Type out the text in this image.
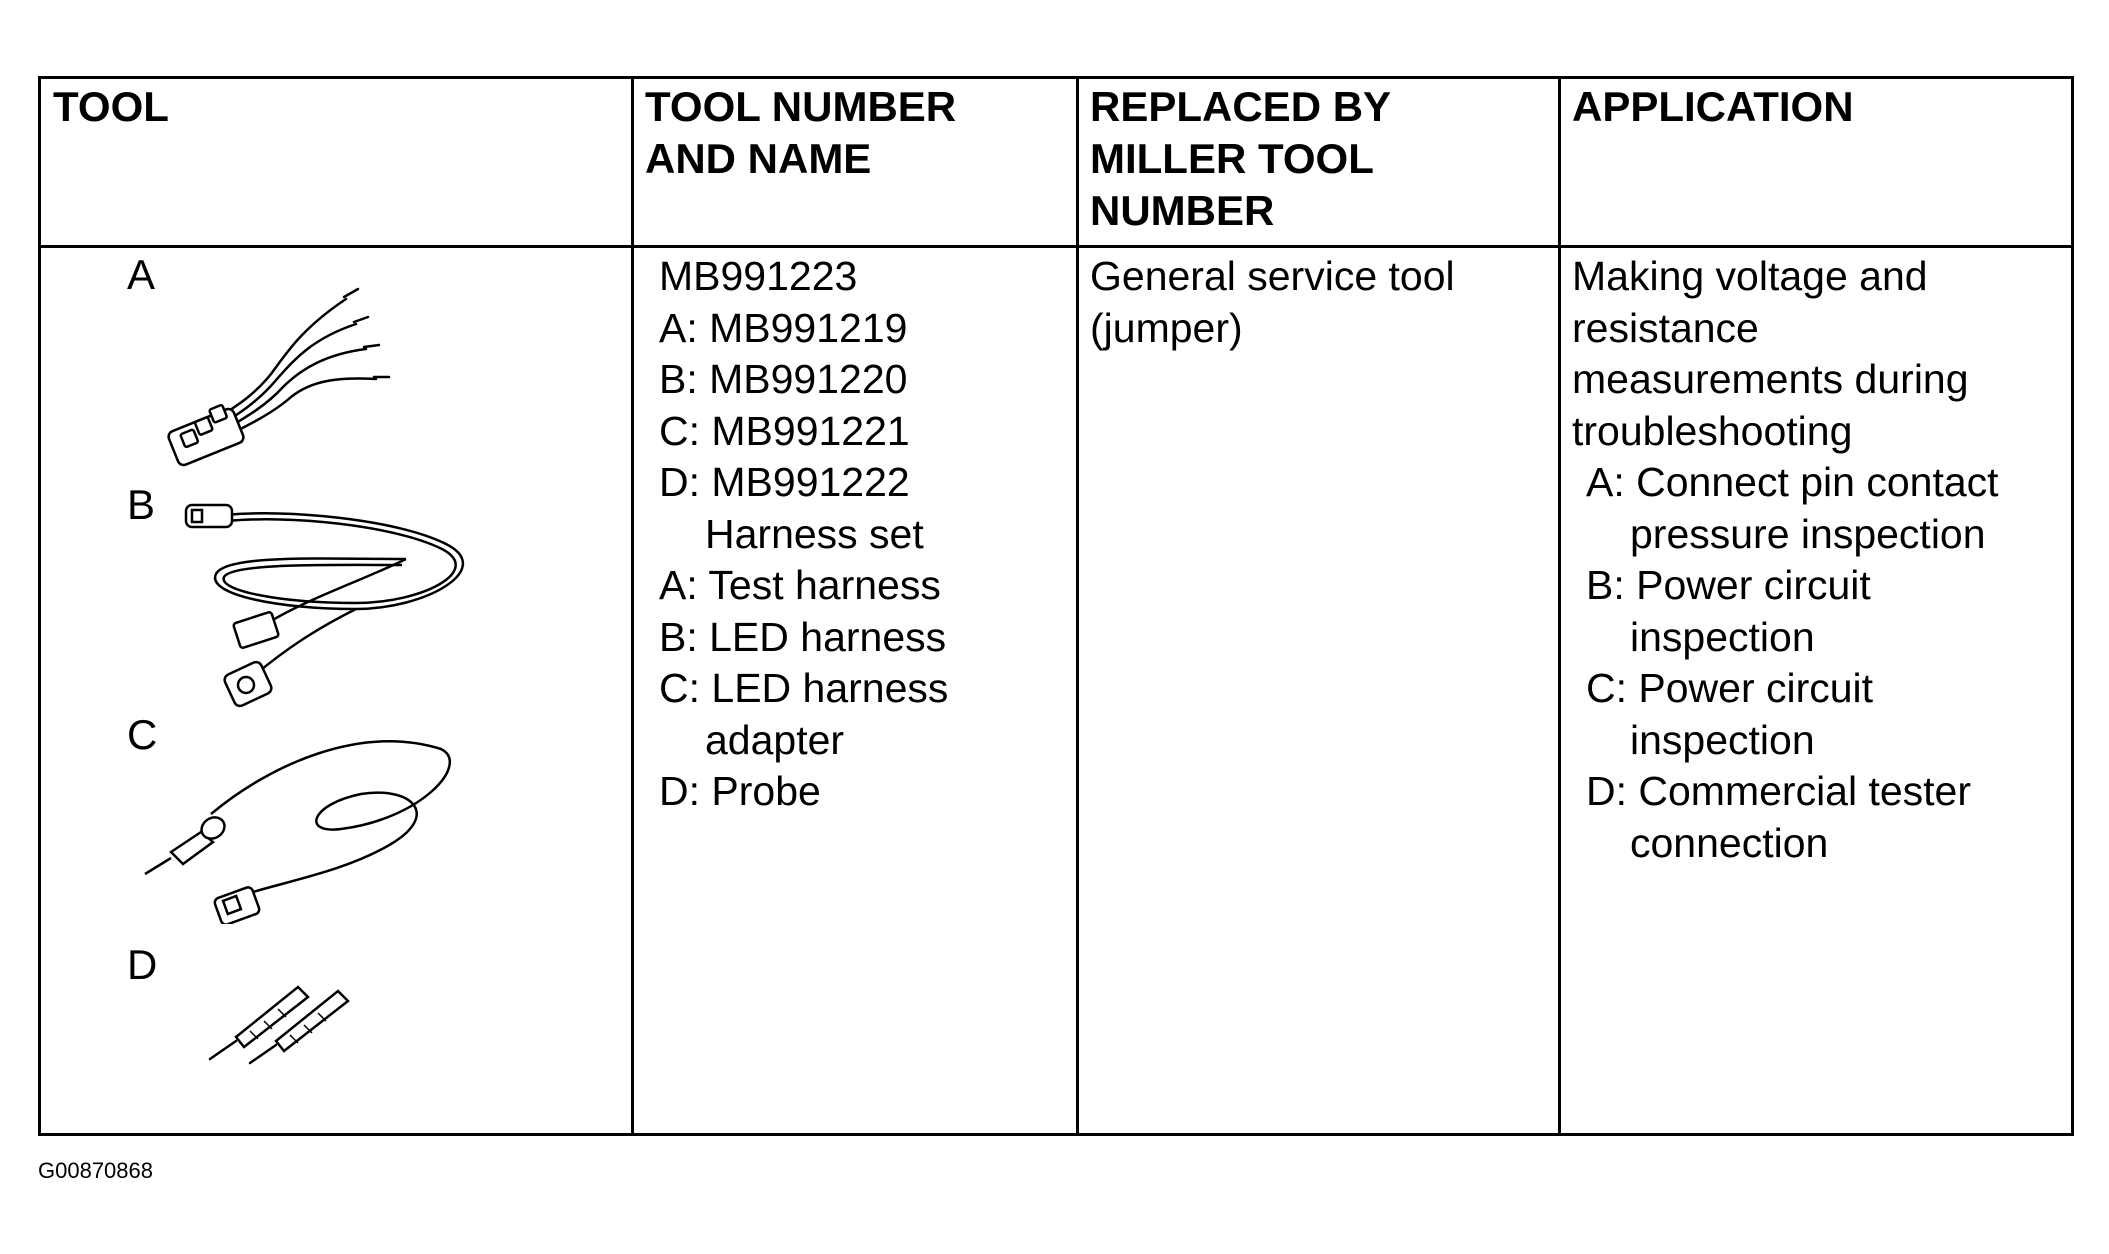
TOOL	TOOL NUMBER
AND NAME
REPLACED BY
MILLER TOOL
NUMBER
APPLICATION
A
B
C
D
MB991223
A: MB991219
B: MB991220
C: MB991221
D: MB991222
Harness set
A: Test harness
B: LED harness
C: LED harness
adapter
D: Probe
General service tool
(jumper)
Making voltage and
resistance
measurements during
troubleshooting
A: Connect pin contact
pressure inspection
B: Power circuit
inspection
C: Power circuit
inspection
D: Commercial tester
connection
G00870868
